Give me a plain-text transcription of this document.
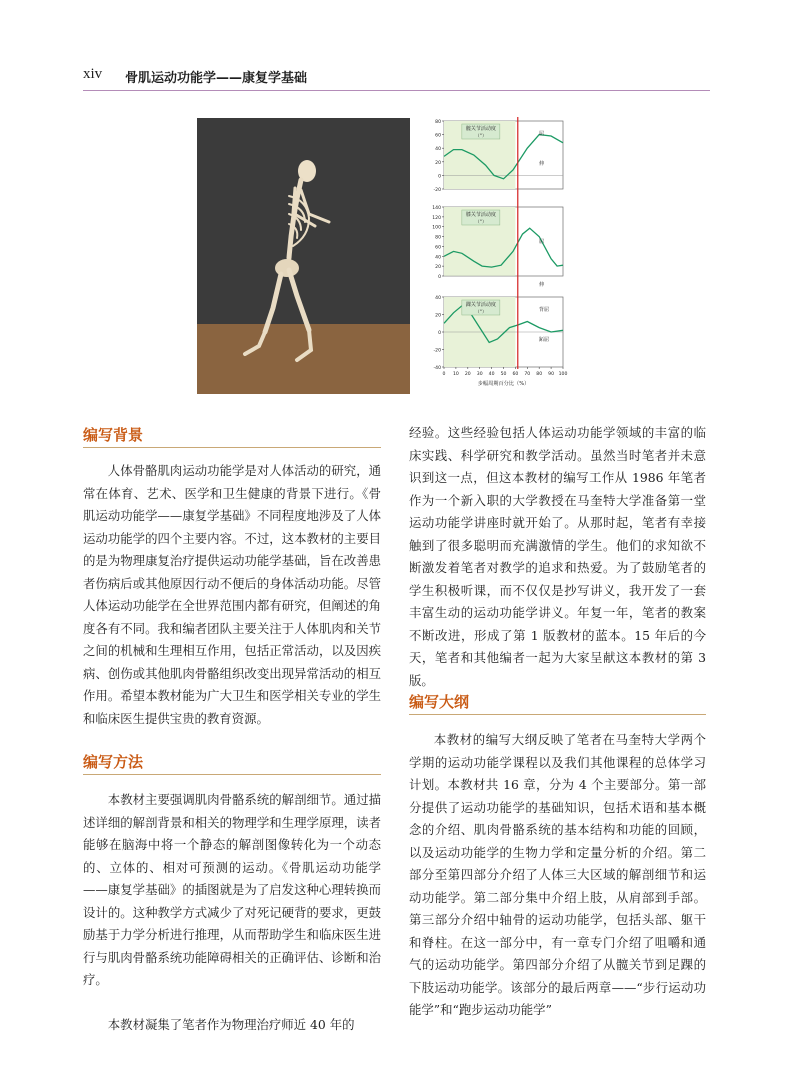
xiv 骨肌运动功能学——康复学基础
80
60
40
20
0
-20
髋关节活动度
（°）	屈
伸
140
120
100
80
60
40
20
0
膝关节活动度
（°）
屈
伸
40
20
0
-20
-40
踝关节活动度
（°）	背屈
跖屈
0 10 20 30 40 50 60 70 80 90 100
步幅周期百分比（%）
编写背景

人体骨骼肌肉运动功能学是对人体活动的研究，通常在体育、艺术、医学和卫生健康的背景下进行。《骨肌运动功能学——康复学基础》不同程度地涉及了人体运动功能学的四个主要内容。不过，这本教材的主要目的是为物理康复治疗提供运动功能学基础，旨在改善患者伤病后或其他原因行动不便后的身体活动功能。尽管人体运动功能学在全世界范围内都有研究，但阐述的角度各有不同。我和编者团队主要关注于人体肌肉和关节之间的机械和生理相互作用，包括正常活动，以及因疾病、创伤或其他肌肉骨骼组织改变出现异常活动的相互作用。希望本教材能为广大卫生和医学相关专业的学生和临床医生提供宝贵的教育资源。

编写方法

本教材主要强调肌肉骨骼系统的解剖细节。通过描述详细的解剖背景和相关的物理学和生理学原理，读者能够在脑海中将一个静态的解剖图像转化为一个动态的、立体的、相对可预测的运动。《骨肌运动功能学——康复学基础》的插图就是为了启发这种心理转换而设计的。这种教学方式减少了对死记硬背的要求，更鼓励基于力学分析进行推理，从而帮助学生和临床医生进行与肌肉骨骼系统功能障碍相关的正确评估、诊断和治疗。

本教材凝集了笔者作为物理治疗师近 40 年的

经验。这些经验包括人体运动功能学领域的丰富的临床实践、科学研究和教学活动。虽然当时笔者并未意识到这一点，但这本教材的编写工作从 1986 年笔者作为一个新入职的大学教授在马奎特大学准备第一堂运动功能学讲座时就开始了。从那时起，笔者有幸接触到了很多聪明而充满激情的学生。他们的求知欲不断激发着笔者对教学的追求和热爱。为了鼓励笔者的学生积极听课，而不仅仅是抄写讲义，我开发了一套丰富生动的运动功能学讲义。年复一年，笔者的教案不断改进，形成了第 1 版教材的蓝本。15 年后的今天，笔者和其他编者一起为大家呈献这本教材的第 3 版。

编写大纲

本教材的编写大纲反映了笔者在马奎特大学两个学期的运动功能学课程以及我们其他课程的总体学习计划。本教材共 16 章，分为 4 个主要部分。第一部分提供了运动功能学的基础知识，包括术语和基本概念的介绍、肌肉骨骼系统的基本结构和功能的回顾，以及运动功能学的生物力学和定量分析的介绍。第二部分至第四部分介绍了人体三大区域的解剖细节和运动功能学。第二部分集中介绍上肢，从肩部到手部。第三部分介绍中轴骨的运动功能学，包括头部、躯干和脊柱。在这一部分中，有一章专门介绍了咀嚼和通气的运动功能学。第四部分介绍了从髋关节到足踝的下肢运动功能学。该部分的最后两章——“步行运动功能学”和“跑步运动功能学”
